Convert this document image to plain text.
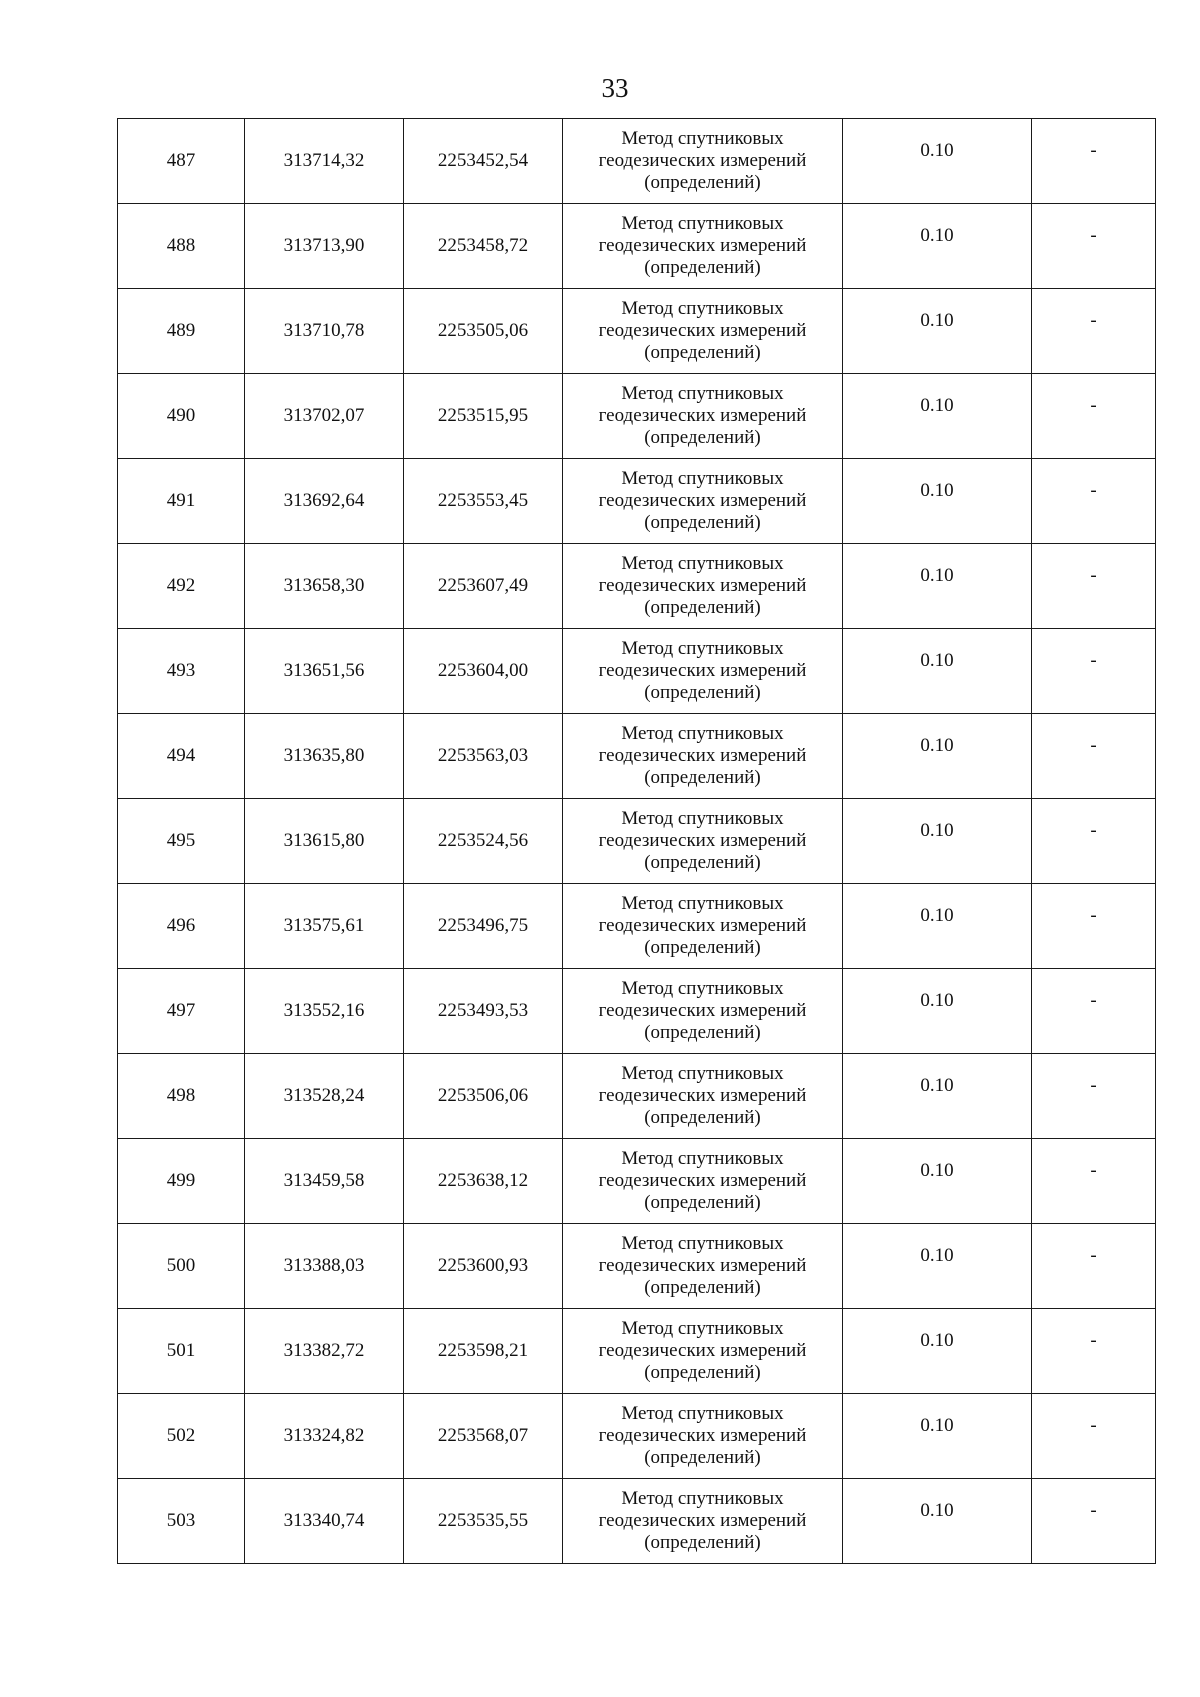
33
487	313714,32	2253452,54	Метод спутниковых
геодезических измерений
(определений)	0.10	-
488	313713,90	2253458,72	Метод спутниковых
геодезических измерений
(определений)	0.10	-
489	313710,78	2253505,06	Метод спутниковых
геодезических измерений
(определений)	0.10	-
490	313702,07	2253515,95	Метод спутниковых
геодезических измерений
(определений)	0.10	-
491	313692,64	2253553,45	Метод спутниковых
геодезических измерений
(определений)	0.10	-
492	313658,30	2253607,49	Метод спутниковых
геодезических измерений
(определений)	0.10	-
493	313651,56	2253604,00	Метод спутниковых
геодезических измерений
(определений)	0.10	-
494	313635,80	2253563,03	Метод спутниковых
геодезических измерений
(определений)	0.10	-
495	313615,80	2253524,56	Метод спутниковых
геодезических измерений
(определений)	0.10	-
496	313575,61	2253496,75	Метод спутниковых
геодезических измерений
(определений)	0.10	-
497	313552,16	2253493,53	Метод спутниковых
геодезических измерений
(определений)	0.10	-
498	313528,24	2253506,06	Метод спутниковых
геодезических измерений
(определений)	0.10	-
499	313459,58	2253638,12	Метод спутниковых
геодезических измерений
(определений)	0.10	-
500	313388,03	2253600,93	Метод спутниковых
геодезических измерений
(определений)	0.10	-
501	313382,72	2253598,21	Метод спутниковых
геодезических измерений
(определений)	0.10	-
502	313324,82	2253568,07	Метод спутниковых
геодезических измерений
(определений)	0.10	-
503	313340,74	2253535,55	Метод спутниковых
геодезических измерений
(определений)	0.10	-
